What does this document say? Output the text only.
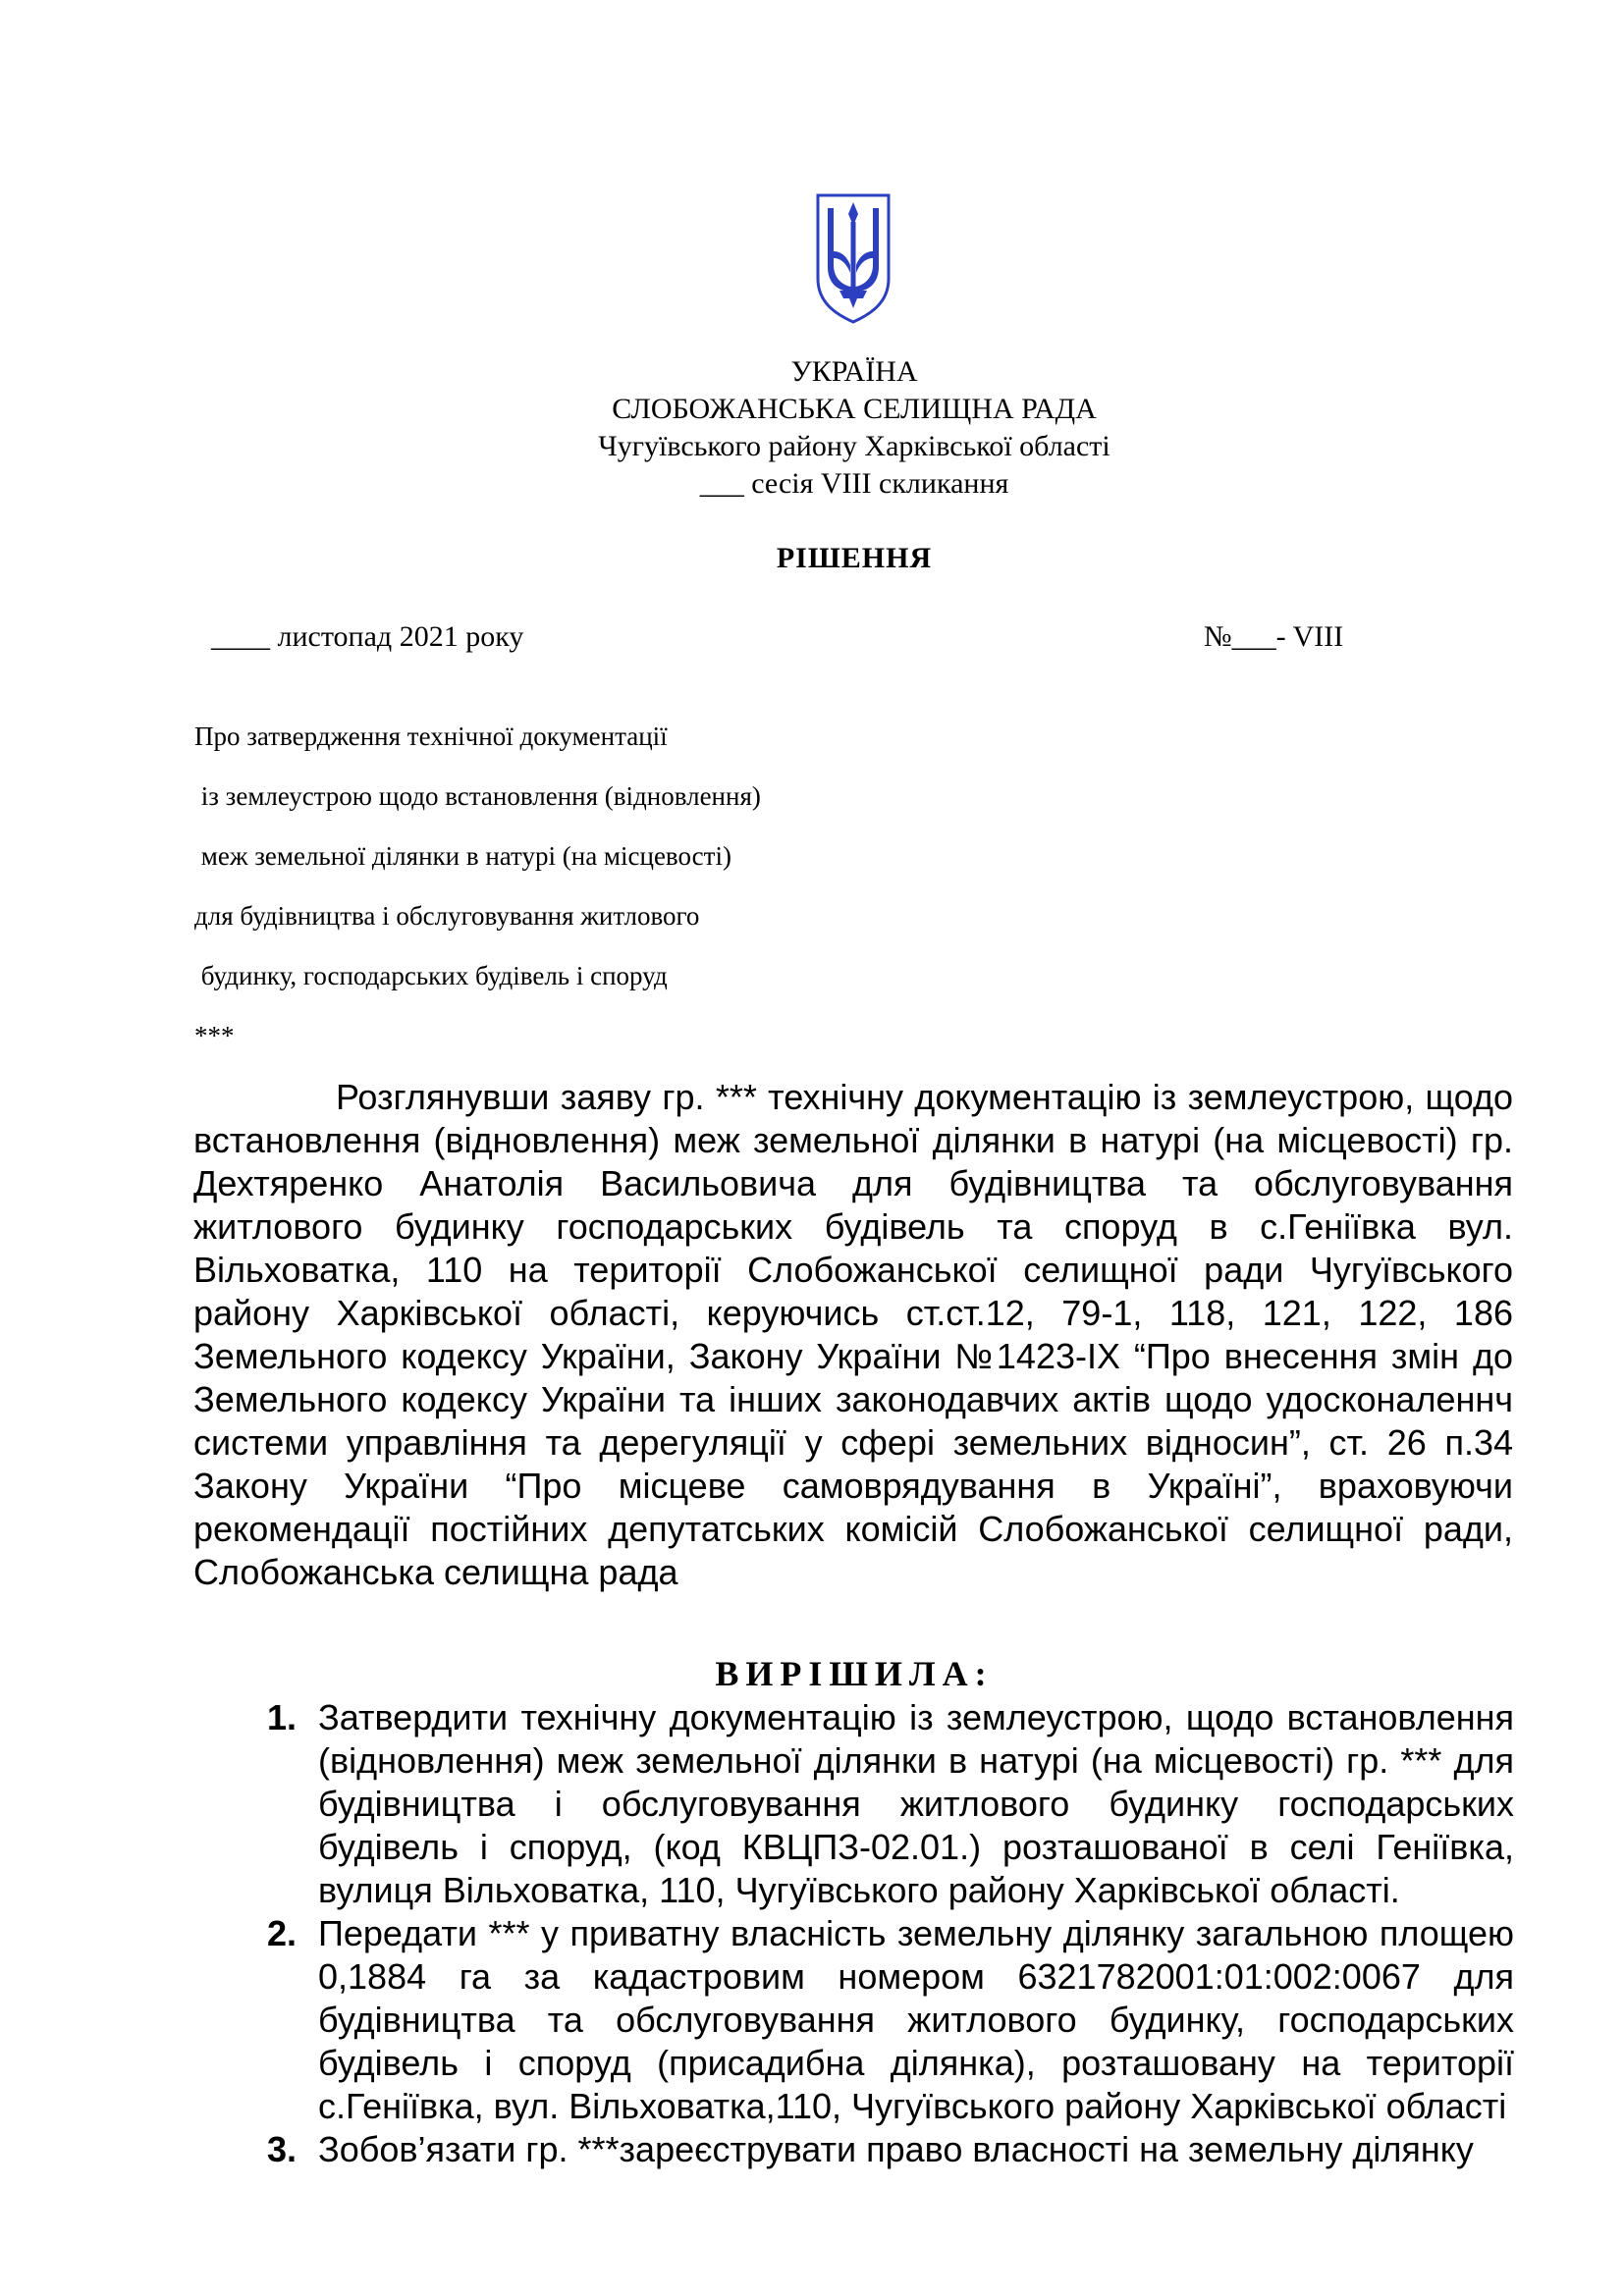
УКРАЇНА
СЛОБОЖАНСЬКА СЕЛИЩНА РАДА
Чугуївського району Харківської області
___ сесія VIII скликання
РІШЕННЯ
____ листопад 2021 року	№___- VIII
Про затвердження технічної документації
із землеустрою щодо встановлення (відновлення)
меж земельної ділянки в натурі (на місцевості)
для будівництва і обслуговування житлового
будинку, господарських будівель і споруд
***

Розглянувши заяву гр. *** технічну документацію із землеустрою, щодо встановлення (відновлення) меж земельної ділянки в натурі (на місцевості) гр. Дехтяренко Анатолія Васильовича для будівництва та обслуговування житлового будинку господарських будівель та споруд в с.Геніївка вул. Вільховатка, 110 на території Слобожанської селищної ради Чугуївського району Харківської області, керуючись ст.ст.12, 79-1, 118, 121, 122, 186 Земельного кодексу України, Закону України №1423-IX “Про внесення змін до Земельного кодексу України та інших законодавчих актів щодо удосконаленнч системи управління та дерегуляції у сфері земельних відносин”, ст. 26 п.34 Закону України “Про місцеве самоврядування в Україні”, враховуючи рекомендації постійних депутатських комісій Слобожанської селищної ради, Слобожанська селищна рада

ВИРІШИЛА:
1. Затвердити технічну документацію із землеустрою, щодо встановлення (відновлення) меж земельної ділянки в натурі (на місцевості) гр. *** для будівництва і обслуговування житлового будинку господарських будівель і споруд, (код КВЦПЗ-02.01.) розташованої в селі Геніївка, вулиця Вільховатка, 110, Чугуївського району Харківської області.
2. Передати *** у приватну власність земельну ділянку загальною площею 0,1884 га за кадастровим номером 6321782001:01:002:0067 для будівництва та обслуговування житлового будинку, господарських будівель і споруд (присадибна ділянка), розташовану на території с.Геніївка, вул. Вільховатка,110, Чугуївського району Харківської області
3. Зобов’язати гр. ***зареєструвати право власності на земельну ділянку
